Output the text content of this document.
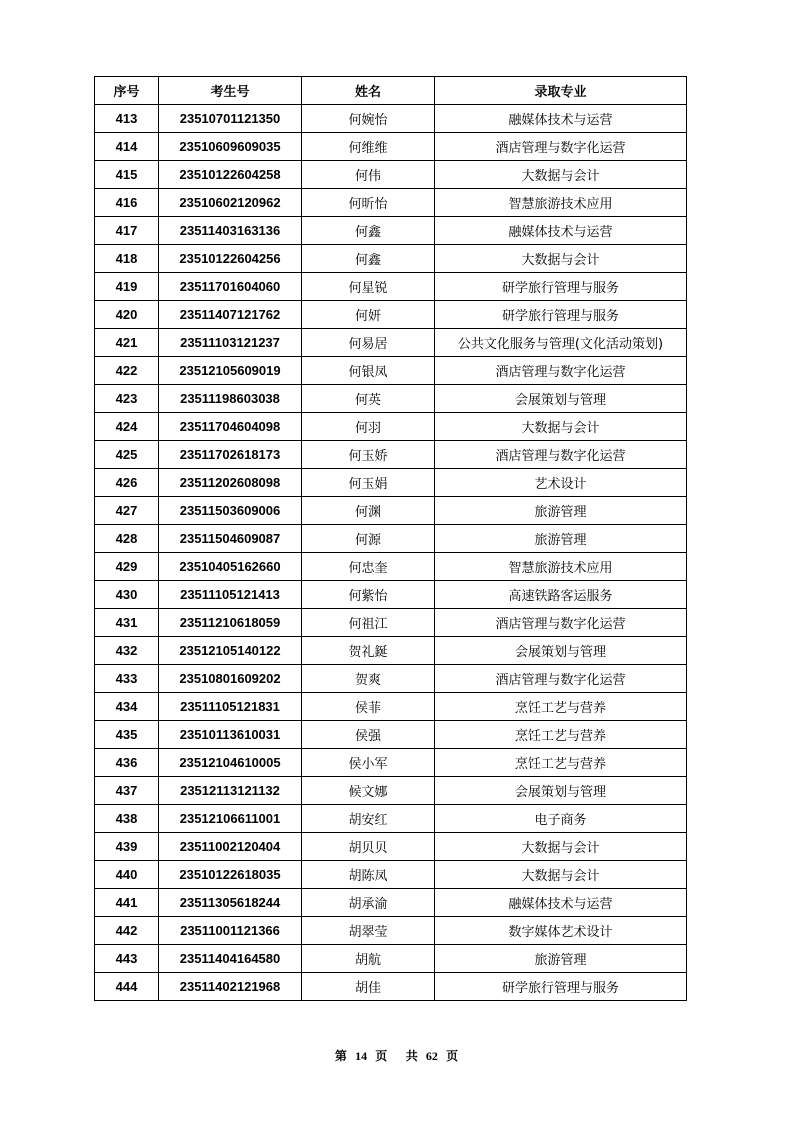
序号	考生号	姓名	录取专业
413	23510701121350	何婉怡	融媒体技术与运营
414	23510609609035	何维维	酒店管理与数字化运营
415	23510122604258	何伟	大数据与会计
416	23510602120962	何昕怡	智慧旅游技术应用
417	23511403163136	何鑫	融媒体技术与运营
418	23510122604256	何鑫	大数据与会计
419	23511701604060	何星锐	研学旅行管理与服务
420	23511407121762	何妍	研学旅行管理与服务
421	23511103121237	何易居	公共文化服务与管理(文化活动策划)
422	23512105609019	何银凤	酒店管理与数字化运营
423	23511198603038	何英	会展策划与管理
424	23511704604098	何羽	大数据与会计
425	23511702618173	何玉娇	酒店管理与数字化运营
426	23511202608098	何玉娟	艺术设计
427	23511503609006	何渊	旅游管理
428	23511504609087	何源	旅游管理
429	23510405162660	何忠奎	智慧旅游技术应用
430	23511105121413	何紫怡	高速铁路客运服务
431	23511210618059	何祖江	酒店管理与数字化运营
432	23512105140122	贺礼鋋	会展策划与管理
433	23510801609202	贺爽	酒店管理与数字化运营
434	23511105121831	侯菲	烹饪工艺与营养
435	23510113610031	侯强	烹饪工艺与营养
436	23512104610005	侯小军	烹饪工艺与营养
437	23512113121132	候文娜	会展策划与管理
438	23512106611001	胡安红	电子商务
439	23511002120404	胡贝贝	大数据与会计
440	23510122618035	胡陈凤	大数据与会计
441	23511305618244	胡承渝	融媒体技术与运营
442	23511001121366	胡翠莹	数字媒体艺术设计
443	23511404164580	胡航	旅游管理
444	23511402121968	胡佳	研学旅行管理与服务
第 14 页 共 62 页
